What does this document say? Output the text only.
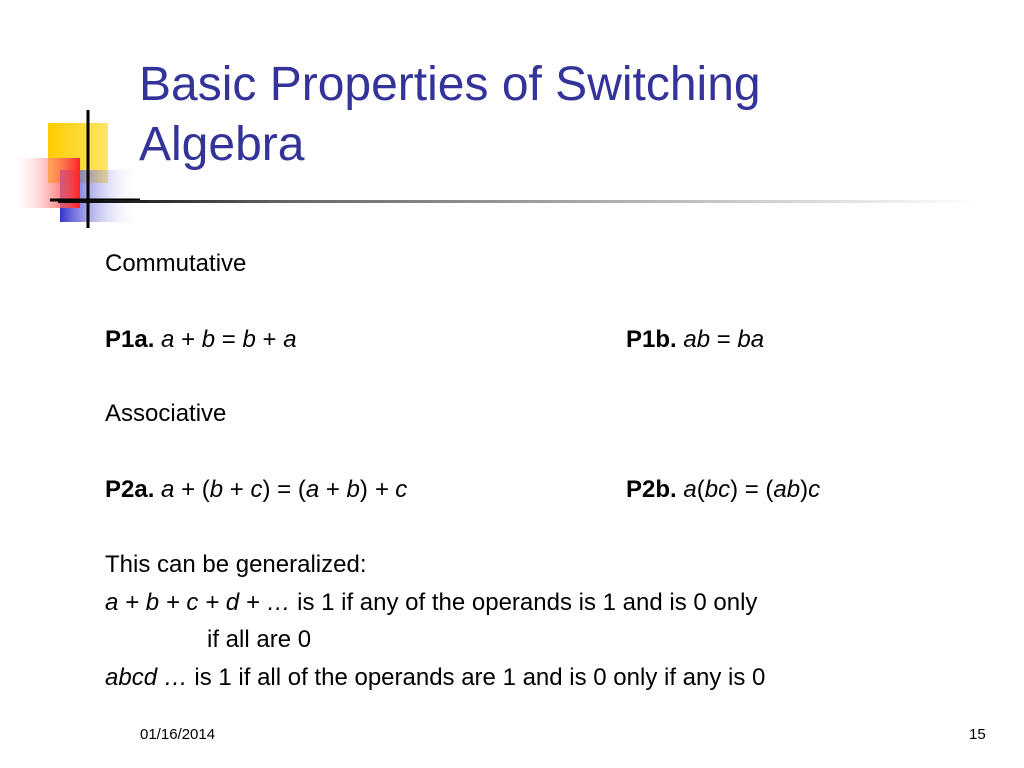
Basic Properties of Switching
Algebra
Commutative
P1a. a + b = b + a	P1b. ab = ba
Associative
P2a. a + (b + c) = (a + b) + c	P2b. a(bc) = (ab)c
This can be generalized:
a + b + c + d + … is 1 if any of the operands is 1 and is 0 only
if all are 0
abcd … is 1 if all of the operands are 1 and is 0 only if any is 0
01/16/2014	15
